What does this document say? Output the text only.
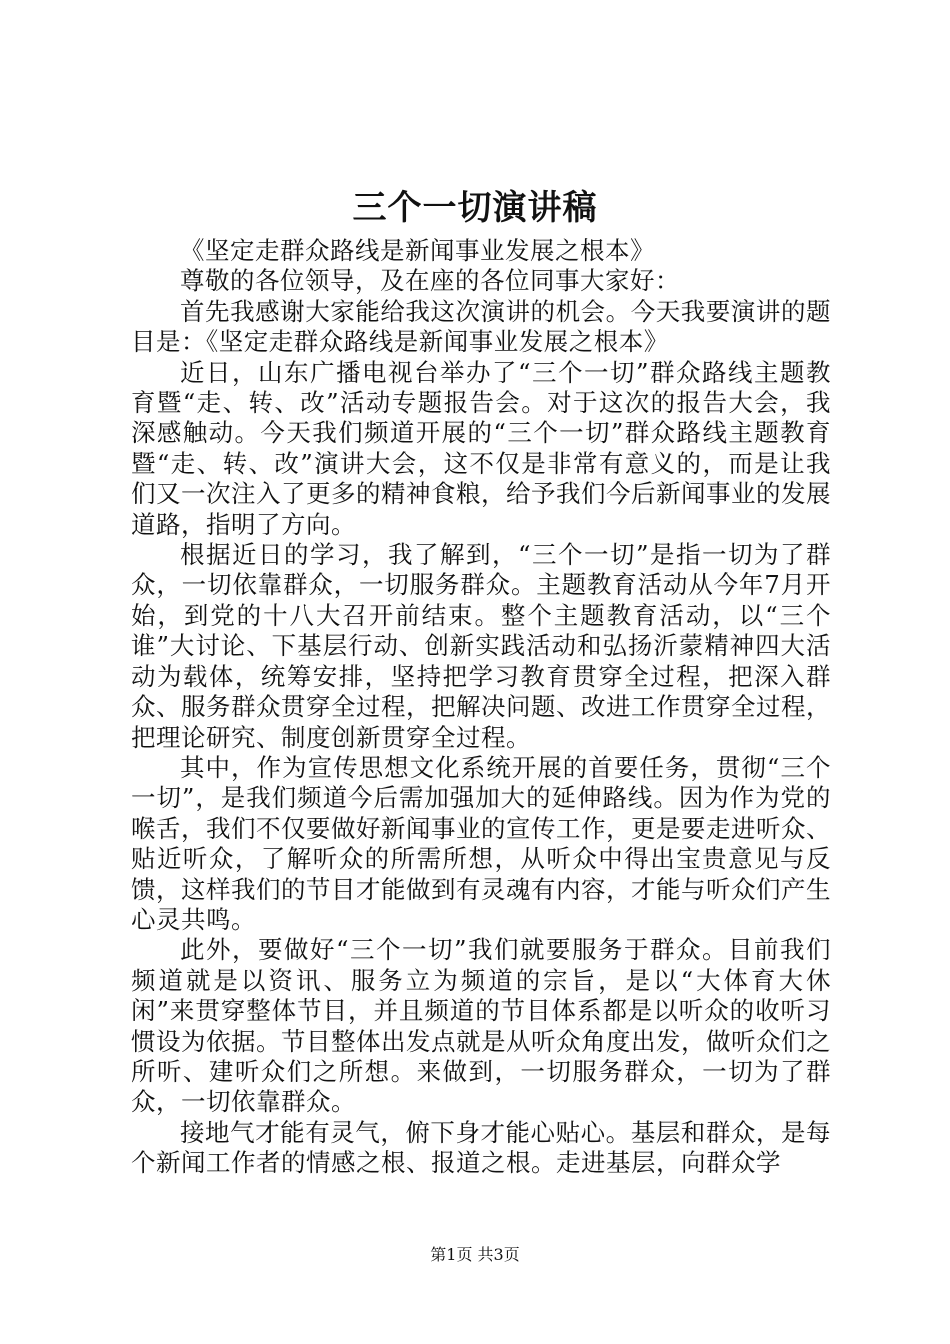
三个一切演讲稿

《坚定走群众路线是新闻事业发展之根本》

尊敬的各位领导，及在座的各位同事大家好：

首先我感谢大家能给我这次演讲的机会。今天我要演讲的题目是：《坚定走群众路线是新闻事业发展之根本》

近日，山东广播电视台举办了“三个一切”群众路线主题教育暨“走、转、改”活动专题报告会。对于这次的报告大会，我深感触动。今天我们频道开展的“三个一切”群众路线主题教育暨“走、转、改”演讲大会，这不仅是非常有意义的，而是让我们又一次注入了更多的精神食粮，给予我们今后新闻事业的发展道路，指明了方向。

根据近日的学习，我了解到，“三个一切”是指一切为了群众，一切依靠群众，一切服务群众。主题教育活动从今年7月开始，到党的十八大召开前结束。整个主题教育活动，以“三个谁”大讨论、下基层行动、创新实践活动和弘扬沂蒙精神四大活动为载体，统筹安排，坚持把学习教育贯穿全过程，把深入群众、服务群众贯穿全过程，把解决问题、改进工作贯穿全过程，把理论研究、制度创新贯穿全过程。

其中，作为宣传思想文化系统开展的首要任务，贯彻“三个一切”，是我们频道今后需加强加大的延伸路线。因为作为党的喉舌，我们不仅要做好新闻事业的宣传工作，更是要走进听众、贴近听众，了解听众的所需所想，从听众中得出宝贵意见与反馈，这样我们的节目才能做到有灵魂有内容，才能与听众们产生心灵共鸣。

此外，要做好“三个一切”我们就要服务于群众。目前我们频道就是以资讯、服务立为频道的宗旨，是以“大体育大休闲”来贯穿整体节目，并且频道的节目体系都是以听众的收听习惯设为依据。节目整体出发点就是从听众角度出发，做听众们之所听、建听众们之所想。来做到，一切服务群众，一切为了群众，一切依靠群众。

接地气才能有灵气，俯下身才能心贴心。基层和群众，是每个新闻工作者的情感之根、报道之根。走进基层，向群众学

第1页 共3页
